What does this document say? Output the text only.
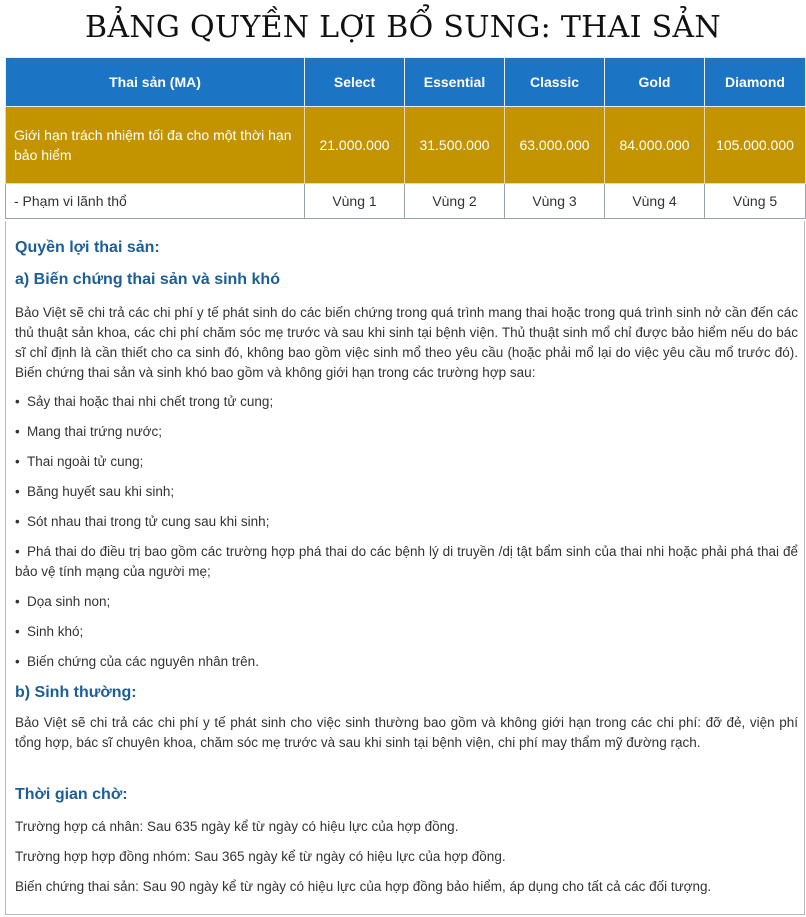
BẢNG QUYỀN LỢI BỔ SUNG: THAI SẢN
Thai sản (MA)	Select	Essential	Classic	Gold	Diamond
Giới hạn trách nhiệm tối đa cho một thời hạn bảo hiểm	21.000.000	31.500.000	63.000.000	84.000.000	105.000.000
- Phạm vi lãnh thổ	Vùng 1	Vùng 2	Vùng 3	Vùng 4	Vùng 5
Quyền lợi thai sản:
a) Biến chứng thai sản và sinh khó

Bảo Việt sẽ chi trả các chi phí y tế phát sinh do các biến chứng trong quá trình mang thai hoặc trong quá trình sinh nở cần đến các thủ thuật sản khoa, các chi phí chăm sóc mẹ trước và sau khi sinh tại bệnh viện. Thủ thuật sinh mổ chỉ được bảo hiểm nếu do bác sĩ chỉ định là cần thiết cho ca sinh đó, không bao gồm việc sinh mổ theo yêu cầu (hoặc phải mổ lại do việc yêu cầu mổ trước đó). Biến chứng thai sản và sinh khó bao gồm và không giới hạn trong các trường hợp sau:

• Sảy thai hoặc thai nhi chết trong tử cung;
• Mang thai trứng nước;
• Thai ngoài tử cung;
• Băng huyết sau khi sinh;
• Sót nhau thai trong tử cung sau khi sinh;
• Phá thai do điều trị bao gồm các trường hợp phá thai do các bệnh lý di truyền /dị tật bẩm sinh của thai nhi hoặc phải phá thai để bảo vệ tính mạng của người mẹ;
• Dọa sinh non;
• Sinh khó;
• Biến chứng của các nguyên nhân trên.
b) Sinh thường:

Bảo Việt sẽ chi trả các chi phí y tế phát sinh cho việc sinh thường bao gồm và không giới hạn trong các chi phí: đỡ đẻ, viện phí tổng hợp, bác sĩ chuyên khoa, chăm sóc mẹ trước và sau khi sinh tại bệnh viện, chi phí may thẩm mỹ đường rạch.

Thời gian chờ:

Trường hợp cá nhân: Sau 635 ngày kể từ ngày có hiệu lực của hợp đồng.

Trường hợp hợp đồng nhóm: Sau 365 ngày kể từ ngày có hiệu lực của hợp đồng.

Biến chứng thai sản: Sau 90 ngày kể từ ngày có hiệu lực của hợp đồng bảo hiểm, áp dụng cho tất cả các đối tượng.
